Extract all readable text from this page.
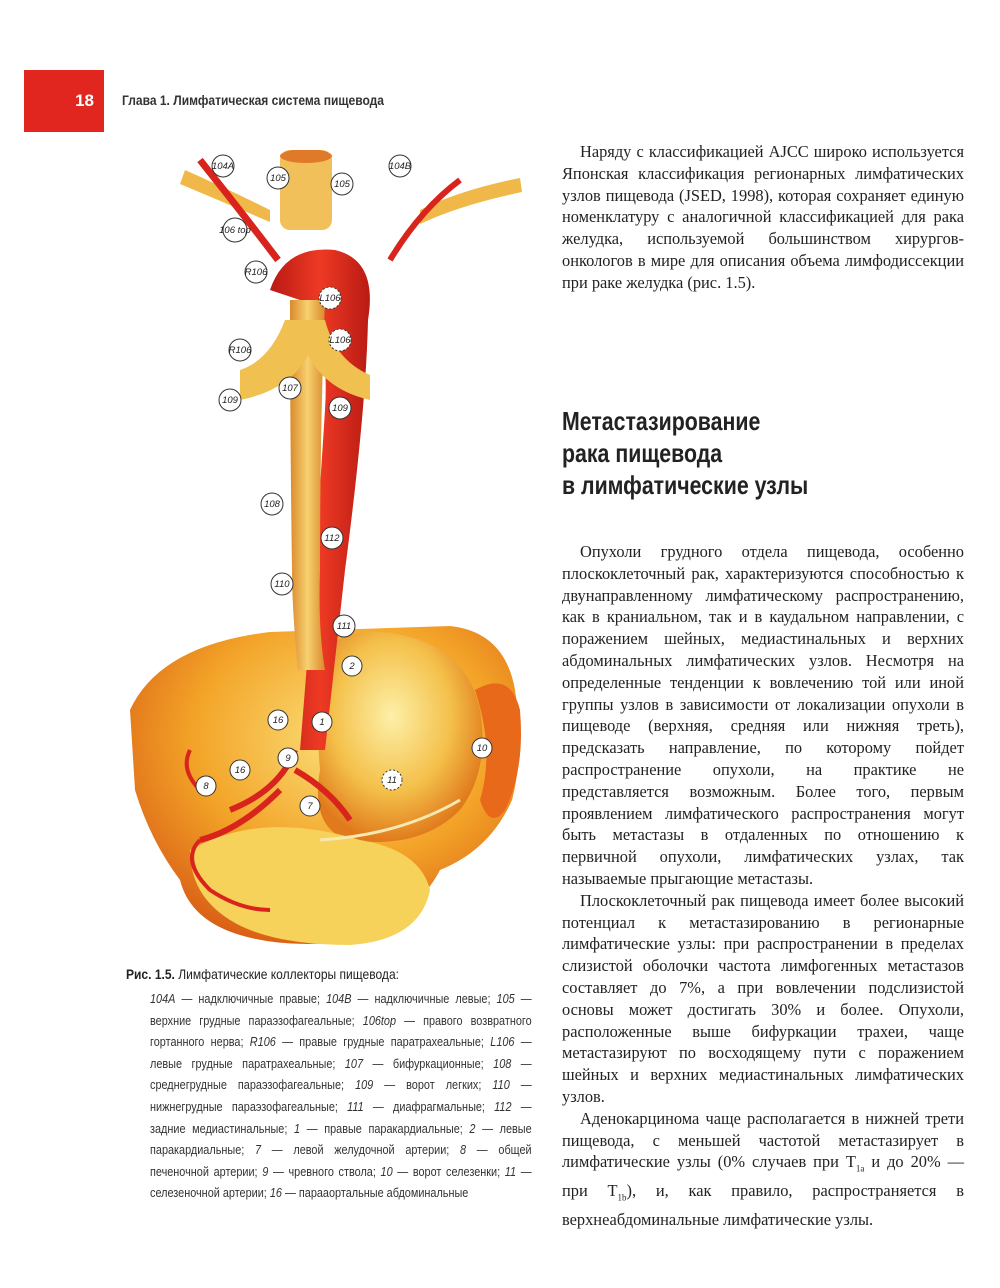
18	Глава 1. Лимфатическая система пищевода
104A	104B
105
105
106 top
R106
L106
L106
R106
107
109
109
108
112
110
111
2
1
16
16
9
8
7
10
11
Рис. 1.5. Лимфатические коллекторы пищевода:
104A — надключичные правые; 104B — надключичные левые; 105 — верхние грудные параэзофагеальные; 106top — правого возвратного гортанного нерва; R106 — правые грудные паратрахеальные; L106 — левые грудные паратрахеальные; 107 — бифуркационные; 108 — среднегрудные параэзофагеальные; 109 — ворот легких; 110 — нижнегрудные параэзофагеальные; 111 — диафрагмальные; 112 — задние медиастинальные; 1 — правые паракардиальные; 2 — левые паракардиальные; 7 — левой желудочной артерии; 8 — общей печеночной артерии; 9 — чревного ствола; 10 — ворот селезенки; 11 — селезеночной артерии; 16 — парааортальные абдоминальные

Наряду с классификацией AJCC широко используется Японская классификация регионарных лимфатических узлов пищевода (JSED, 1998), которая сохраняет единую номенклатуру с аналогичной классификацией для рака желудка, используемой большинством хирургов-онкологов в мире для описания объема лимфодиссекции при раке желудка (рис. 1.5).

Метастазирование
рака пищевода
в лимфатические узлы

Опухоли грудного отдела пищевода, особенно плоскоклеточный рак, характеризуются способностью к двунаправленному лимфатическому распространению, как в краниальном, так и в каудальном направлении, с поражением шейных, медиастинальных и верхних абдоминальных лимфатических узлов. Несмотря на определенные тенденции к вовлечению той или иной группы узлов в зависимости от локализации опухоли в пищеводе (верхняя, средняя или нижняя треть), предсказать направление, по которому пойдет распространение опухоли, на практике не представляется возможным. Более того, первым проявлением лимфатического распространения могут быть метастазы в отдаленных по отношению к первичной опухоли, лимфатических узлах, так называемые прыгающие метастазы.

Плоскоклеточный рак пищевода имеет более высокий потенциал к метастазированию в регионарные лимфатические узлы: при распространении в пределах слизистой оболочки частота лимфогенных метастазов составляет до 7%, а при вовлечении подслизистой основы может достигать 30% и более. Опухоли, расположенные выше бифуркации трахеи, чаще метастазируют по восходящему пути с поражением шейных и верхних медиастинальных лимфатических узлов.

Аденокарцинома чаще располагается в нижней трети пищевода, с меньшей частотой метастазирует в лимфатические узлы (0% случаев при $T_{1a}$ и до 20% — при $T_{1b}$), и, как правило, распространяется в верхнеабдоминальные лимфатические узлы.
